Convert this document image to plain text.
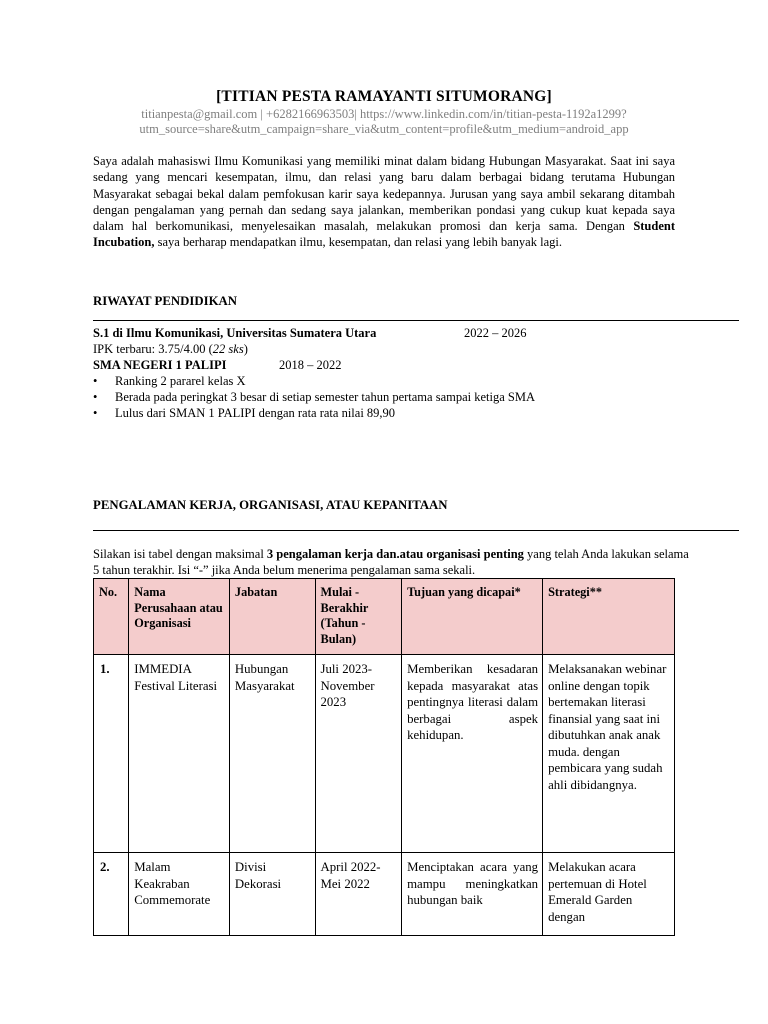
[TITIAN PESTA RAMAYANTI SITUMORANG]
titianpesta@gmail.com | +6282166963503| https://www.linkedin.com/in/titian-pesta-1192a1299?
utm_source=share&utm_campaign=share_via&utm_content=profile&utm_medium=android_app
Saya adalah mahasiswi Ilmu Komunikasi yang memiliki minat dalam bidang Hubungan Masyarakat. Saat ini saya sedang yang mencari kesempatan, ilmu, dan relasi yang baru dalam berbagai bidang terutama Hubungan Masyarakat sebagai bekal dalam pemfokusan karir saya kedepannya. Jurusan yang saya ambil sekarang ditambah dengan pengalaman yang pernah dan sedang saya jalankan, memberikan pondasi yang cukup kuat kepada saya dalam hal berkomunikasi, menyelesaikan masalah, melakukan promosi dan kerja sama. Dengan Student Incubation, saya berharap mendapatkan ilmu, kesempatan, dan relasi yang lebih banyak lagi.
RIWAYAT PENDIDIKAN
S.1 di Ilmu Komunikasi, Universitas Sumatera Utara	2022 – 2026
IPK terbaru: 3.75/4.00 (22 sks)
SMA NEGERI 1 PALIPI	2018 – 2022
• Ranking 2 pararel kelas X
• Berada pada peringkat 3 besar di setiap semester tahun pertama sampai ketiga SMA
• Lulus dari SMAN 1 PALIPI dengan rata rata nilai 89,90
PENGALAMAN KERJA, ORGANISASI, ATAU KEPANITAAN
Silakan isi tabel dengan maksimal 3 pengalaman kerja dan.atau organisasi penting yang telah Anda lakukan selama 5 tahun terakhir. Isi “-” jika Anda belum menerima pengalaman sama sekali.
No.	Nama Perusahaan atau Organisasi	Jabatan	Mulai - Berakhir (Tahun - Bulan)	Tujuan yang dicapai*	Strategi**
1.	IMMEDIA Festival Literasi	Hubungan Masyarakat	Juli 2023- November 2023	Memberikan kesadaran kepada masyarakat atas pentingnya literasi dalam berbagai aspek kehidupan.	Melaksanakan webinar online dengan topik bertemakan literasi finansial yang saat ini dibutuhkan anak anak muda. dengan pembicara yang sudah ahli dibidangnya.
2.	Malam Keakraban Commemorate	Divisi Dekorasi	April 2022- Mei 2022	Menciptakan acara yang mampu meningkatkan hubungan baik	Melakukan acara pertemuan di Hotel Emerald Garden dengan
